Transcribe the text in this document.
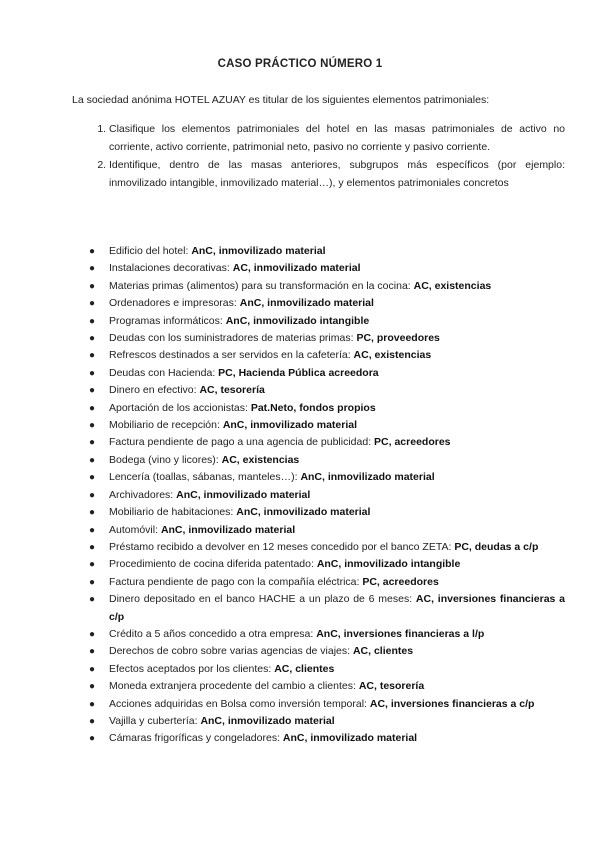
CASO PRÁCTICO NÚMERO 1
La sociedad anónima HOTEL AZUAY es titular de los siguientes elementos patrimoniales:
1. Clasifique los elementos patrimoniales del hotel en las masas patrimoniales de activo no corriente, activo corriente, patrimonial neto, pasivo no corriente y pasivo corriente.
2. Identifique, dentro de las masas anteriores, subgrupos más específicos (por ejemplo: inmovilizado intangible, inmovilizado material…), y elementos patrimoniales concretos
● Edificio del hotel: AnC, inmovilizado material
● Instalaciones decorativas: AC, inmovilizado material
● Materias primas (alimentos) para su transformación en la cocina: AC, existencias
● Ordenadores e impresoras: AnC, inmovilizado material
● Programas informáticos: AnC, inmovilizado intangible
● Deudas con los suministradores de materias primas: PC, proveedores
● Refrescos destinados a ser servidos en la cafetería: AC, existencias
● Deudas con Hacienda: PC, Hacienda Pública acreedora
● Dinero en efectivo: AC, tesorería
● Aportación de los accionistas: Pat.Neto, fondos propios
● Mobiliario de recepción: AnC, inmovilizado material
● Factura pendiente de pago a una agencia de publicidad: PC, acreedores
● Bodega (vino y licores): AC, existencias
● Lencería (toallas, sábanas, manteles…): AnC, inmovilizado material
● Archivadores: AnC, inmovilizado material
● Mobiliario de habitaciones: AnC, inmovilizado material
● Automóvil: AnC, inmovilizado material
● Préstamo recibido a devolver en 12 meses concedido por el banco ZETA: PC, deudas a c/p
● Procedimiento de cocina diferida patentado: AnC, inmovilizado intangible
● Factura pendiente de pago con la compañía eléctrica: PC, acreedores
● Dinero depositado en el banco HACHE a un plazo de 6 meses: AC, inversiones financieras a c/p
● Crédito a 5 años concedido a otra empresa: AnC, inversiones financieras a l/p
● Derechos de cobro sobre varias agencias de viajes: AC, clientes
● Efectos aceptados por los clientes: AC, clientes
● Moneda extranjera procedente del cambio a clientes: AC, tesorería
● Acciones adquiridas en Bolsa como inversión temporal: AC, inversiones financieras a c/p
● Vajilla y cubertería: AnC, inmovilizado material
● Cámaras frigoríficas y congeladores: AnC, inmovilizado material
